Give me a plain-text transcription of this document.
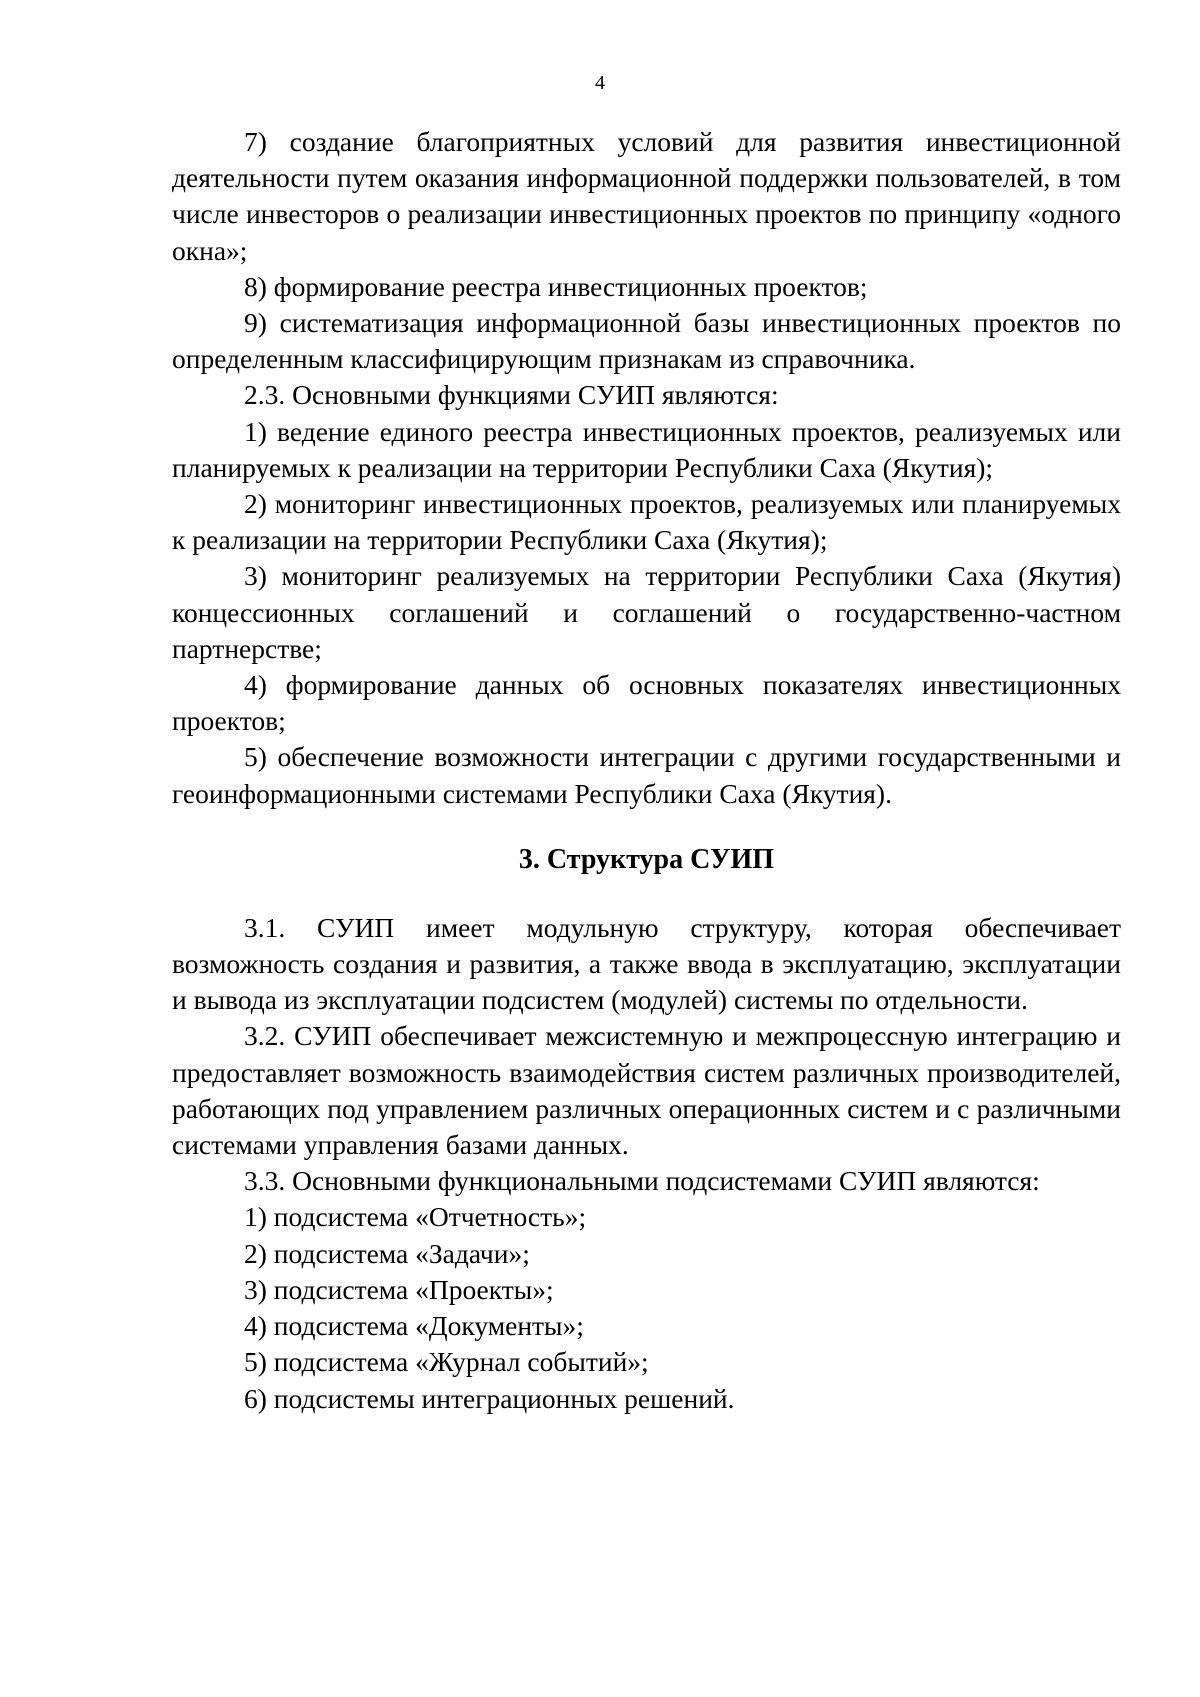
4

7) создание благоприятных условий для развития инвестиционной деятельности путем оказания информационной поддержки пользователей, в том числе инвесторов о реализации инвестиционных проектов по принципу «одного окна»;

8) формирование реестра инвестиционных проектов;

9) систематизация информационной базы инвестиционных проектов по определенным классифицирующим признакам из справочника.

2.3. Основными функциями СУИП являются:

1) ведение единого реестра инвестиционных проектов, реализуемых или планируемых к реализации на территории Республики Саха (Якутия);

2) мониторинг инвестиционных проектов, реализуемых или планируемых к реализации на территории Республики Саха (Якутия);

3) мониторинг реализуемых на территории Республики Саха (Якутия) концессионных соглашений и соглашений о государственно-частном партнерстве;

4) формирование данных об основных показателях инвестиционных проектов;

5) обеспечение возможности интеграции с другими государственными и геоинформационными системами Республики Саха (Якутия).

3. Структура СУИП

3.1. СУИП имеет модульную структуру, которая обеспечивает возможность создания и развития, а также ввода в эксплуатацию, эксплуатации и вывода из эксплуатации подсистем (модулей) системы по отдельности.

3.2. СУИП обеспечивает межсистемную и межпроцессную интеграцию и предоставляет возможность взаимодействия систем различных производителей, работающих под управлением различных операционных систем и с различными системами управления базами данных.

3.3. Основными функциональными подсистемами СУИП являются:

1) подсистема «Отчетность»;

2) подсистема «Задачи»;

3) подсистема «Проекты»;

4) подсистема «Документы»;

5) подсистема «Журнал событий»;

6) подсистемы интеграционных решений.
